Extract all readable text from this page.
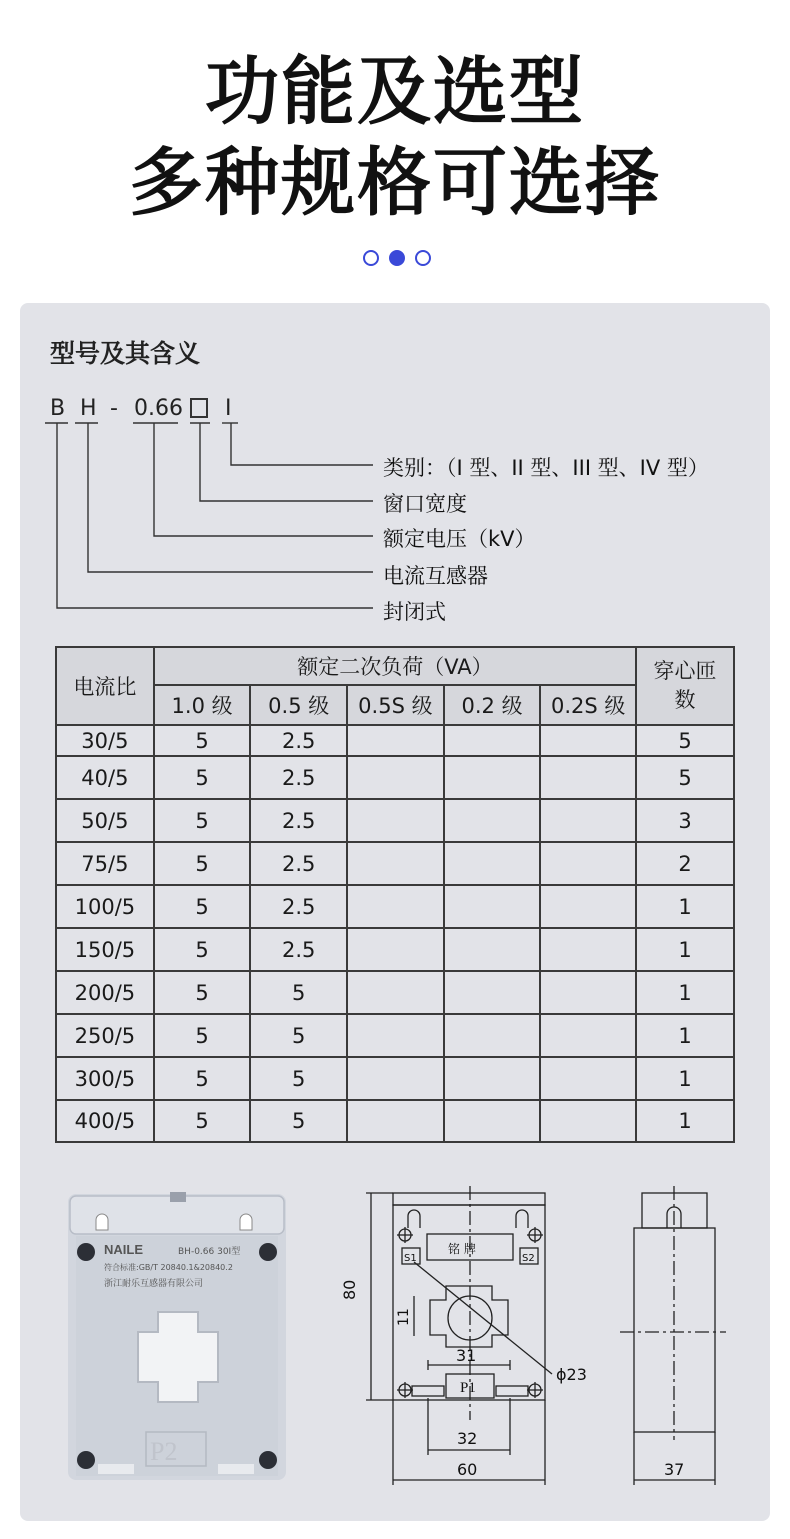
功能及选型
多种规格可选择
型号及其含义
B H - 0.66 I
类别：（I 型、II 型、III 型、IV 型）
窗口宽度
额定电压（kV）
电流互感器
封闭式
电流比	额定二次负荷（VA）					穿心匝数
	1.0 级	0.5 级	0.5S 级	0.2 级	0.2S 级	
30/5	5	2.5				5
40/5	5	2.5				5
50/5	5	2.5				3
75/5	5	2.5				2
100/5	5	2.5				1
150/5	5	2.5				1
200/5	5	5				1
250/5	5	5				1
300/5	5	5				1
400/5	5	5				1
NAILE	BH-0.66 30I型
符合标准:GB/T 20840.1&20840.2
浙江耐乐互感器有限公司
P2
铭 牌
S1	S2
P1
80
11
31
ϕ23
32
60	37
